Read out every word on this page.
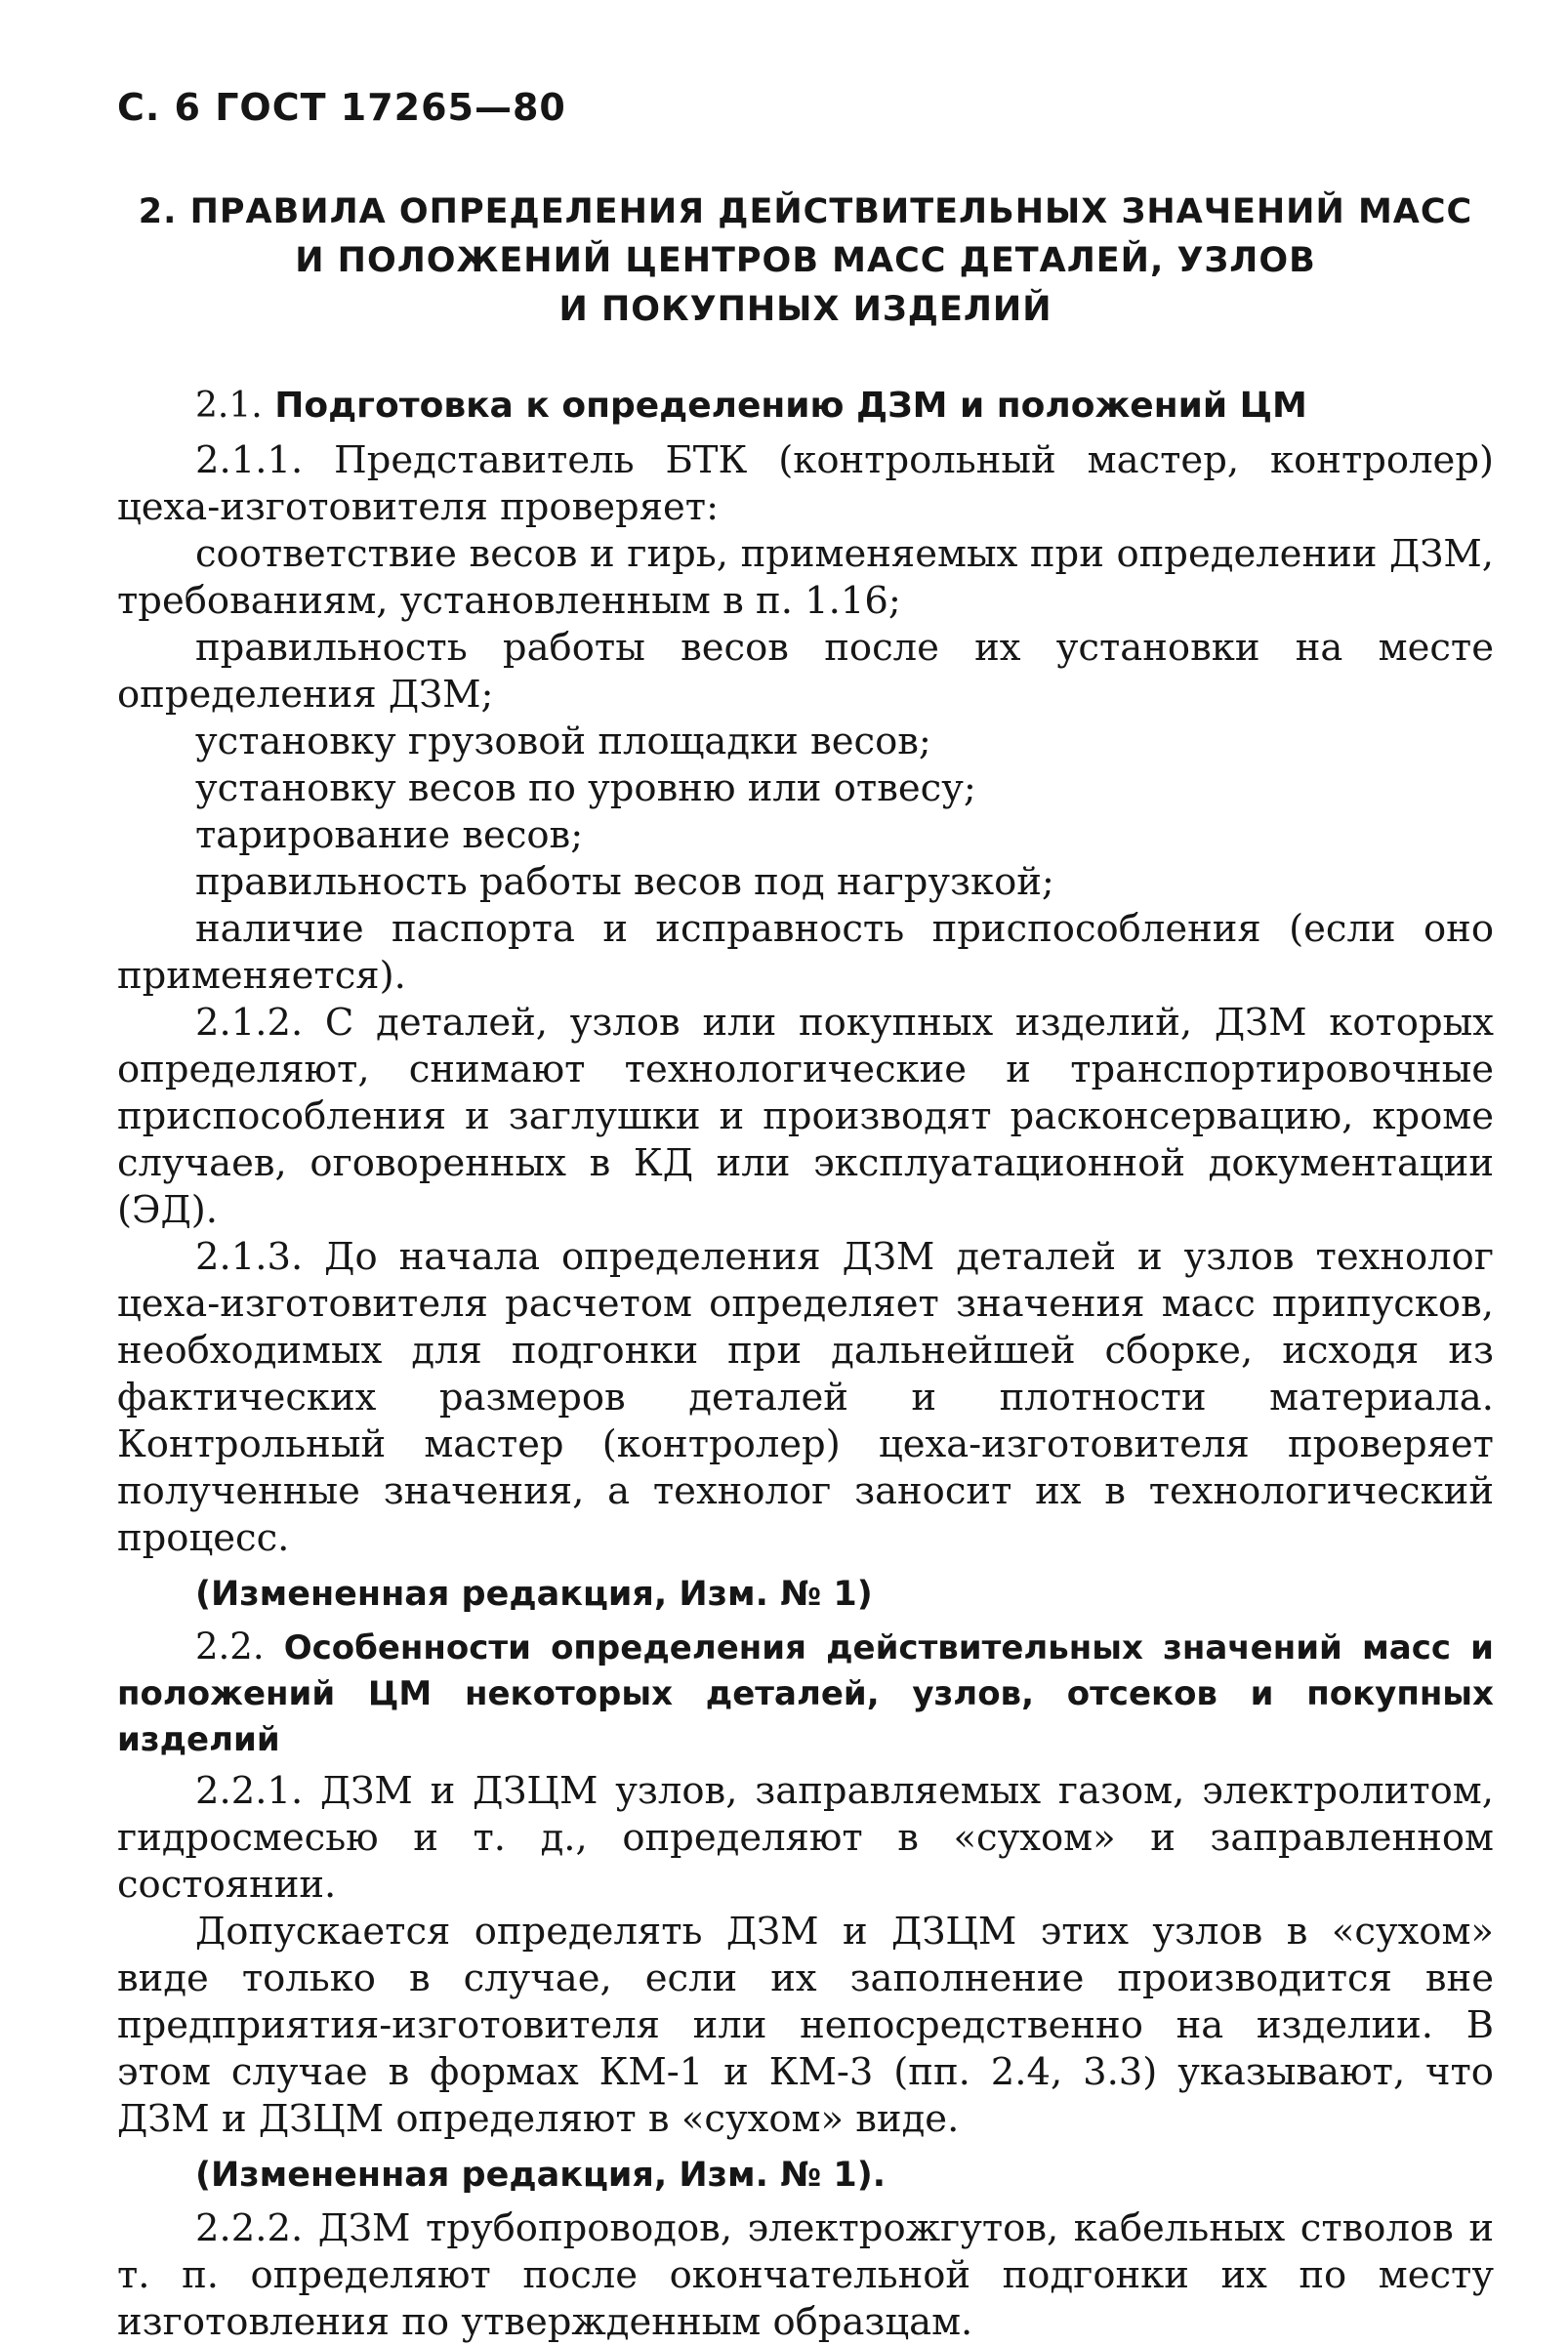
С. 6 ГОСТ 17265—80
2. ПРАВИЛА ОПРЕДЕЛЕНИЯ ДЕЙСТВИТЕЛЬНЫХ ЗНАЧЕНИЙ МАСС
И ПОЛОЖЕНИЙ ЦЕНТРОВ МАСС ДЕТАЛЕЙ, УЗЛОВ
И ПОКУПНЫХ ИЗДЕЛИЙ
2.1. Подготовка к определению ДЗМ и положений ЦМ

2.1.1. Представитель БТК (контрольный мастер, контролер) цеха-изготовителя проверяет:

соответствие весов и гирь, применяемых при определении ДЗМ, требованиям, установленным в п. 1.16;

правильность работы весов после их установки на месте определения ДЗМ;

установку грузовой площадки весов;

установку весов по уровню или отвесу;

тарирование весов;

правильность работы весов под нагрузкой;

наличие паспорта и исправность приспособления (если оно применяется).

2.1.2. С деталей, узлов или покупных изделий, ДЗМ которых определяют, снимают технологические и транспортировочные приспособления и заглушки и производят расконсервацию, кроме случаев, оговоренных в КД или эксплуатационной документации (ЭД).

2.1.3. До начала определения ДЗМ деталей и узлов технолог цеха-изготовителя расчетом определяет значения масс припусков, необходимых для подгонки при дальнейшей сборке, исходя из фактических размеров деталей и плотности материала. Контрольный мастер (контролер) цеха-изготовителя проверяет полученные значения, а технолог заносит их в технологический процесс.

(Измененная редакция, Изм. № 1)
2.2. Особенности определения действительных значений масс и положений ЦМ некоторых деталей, узлов, отсеков и покупных изделий

2.2.1. ДЗМ и ДЗЦМ узлов, заправляемых газом, электролитом, гидросмесью и т. д., определяют в «сухом» и заправленном состоянии.

Допускается определять ДЗМ и ДЗЦМ этих узлов в «сухом» виде только в случае, если их заполнение производится вне предприятия-изготовителя или непосредственно на изделии. В этом случае в формах КМ-1 и КМ-3 (пп. 2.4, 3.3) указывают, что ДЗМ и ДЗЦМ определяют в «сухом» виде.

(Измененная редакция, Изм. № 1).

2.2.2. ДЗМ трубопроводов, электрожгутов, кабельных стволов и т. п. определяют после окончательной подгонки их по месту изготовления по утвержденным образцам.
